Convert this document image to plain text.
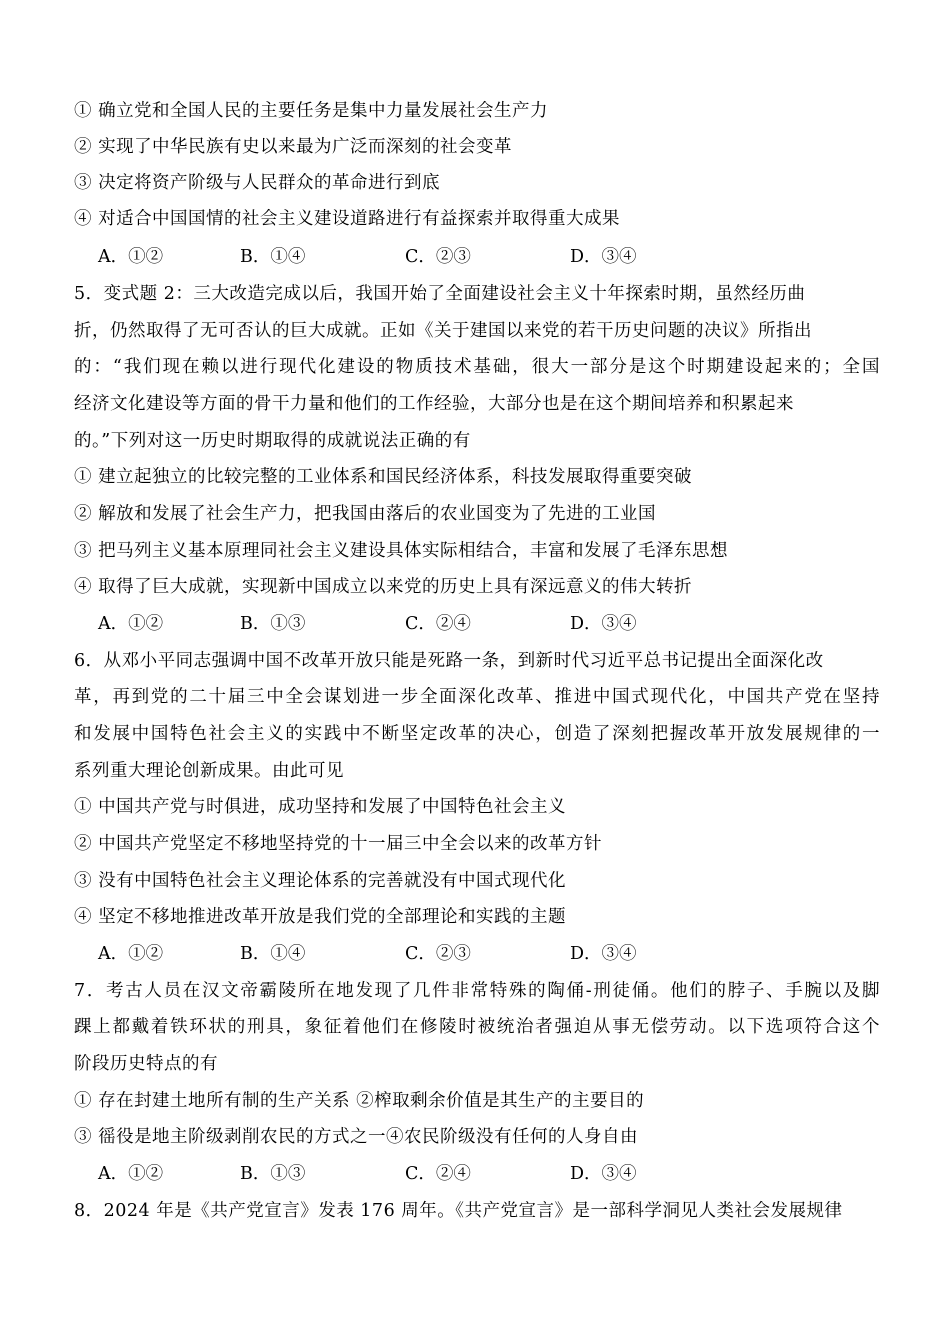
① 确立党和全国人民的主要任务是集中力量发展社会生产力
② 实现了中华民族有史以来最为广泛而深刻的社会变革
③ 决定将资产阶级与人民群众的革命进行到底
④ 对适合中国国情的社会主义建设道路进行有益探索并取得重大成果
A．①②	B．①④	C．②③	D．③④
5．变式题 2：三大改造完成以后，我国开始了全面建设社会主义十年探索时期，虽然经历曲
折，仍然取得了无可否认的巨大成就。正如《关于建国以来党的若干历史问题的决议》所指出
的：“我们现在赖以进行现代化建设的物质技术基础，很大一部分是这个时期建设起来的；全国
经济文化建设等方面的骨干力量和他们的工作经验，大部分也是在这个期间培养和积累起来
的。”下列对这一历史时期取得的成就说法正确的有
① 建立起独立的比较完整的工业体系和国民经济体系，科技发展取得重要突破
② 解放和发展了社会生产力，把我国由落后的农业国变为了先进的工业国
③ 把马列主义基本原理同社会主义建设具体实际相结合，丰富和发展了毛泽东思想
④ 取得了巨大成就，实现新中国成立以来党的历史上具有深远意义的伟大转折
A．①②	B．①③	C．②④	D．③④
6．从邓小平同志强调中国不改革开放只能是死路一条，到新时代习近平总书记提出全面深化改
革，再到党的二十届三中全会谋划进一步全面深化改革、推进中国式现代化，中国共产党在坚持
和发展中国特色社会主义的实践中不断坚定改革的决心，创造了深刻把握改革开放发展规律的一
系列重大理论创新成果。由此可见
① 中国共产党与时俱进，成功坚持和发展了中国特色社会主义
② 中国共产党坚定不移地坚持党的十一届三中全会以来的改革方针
③ 没有中国特色社会主义理论体系的完善就没有中国式现代化
④ 坚定不移地推进改革开放是我们党的全部理论和实践的主题
A．①②	B．①④	C．②③	D．③④
7．考古人员在汉文帝霸陵所在地发现了几件非常特殊的陶俑-刑徒俑。他们的脖子、手腕以及脚
踝上都戴着铁环状的刑具，象征着他们在修陵时被统治者强迫从事无偿劳动。以下选项符合这个
阶段历史特点的有
① 存在封建土地所有制的生产关系 ②榨取剩余价值是其生产的主要目的
③ 徭役是地主阶级剥削农民的方式之一④农民阶级没有任何的人身自由
A．①②	B．①③	C．②④	D．③④
8．2024 年是《共产党宣言》发表 176 周年。《共产党宣言》是一部科学洞见人类社会发展规律
